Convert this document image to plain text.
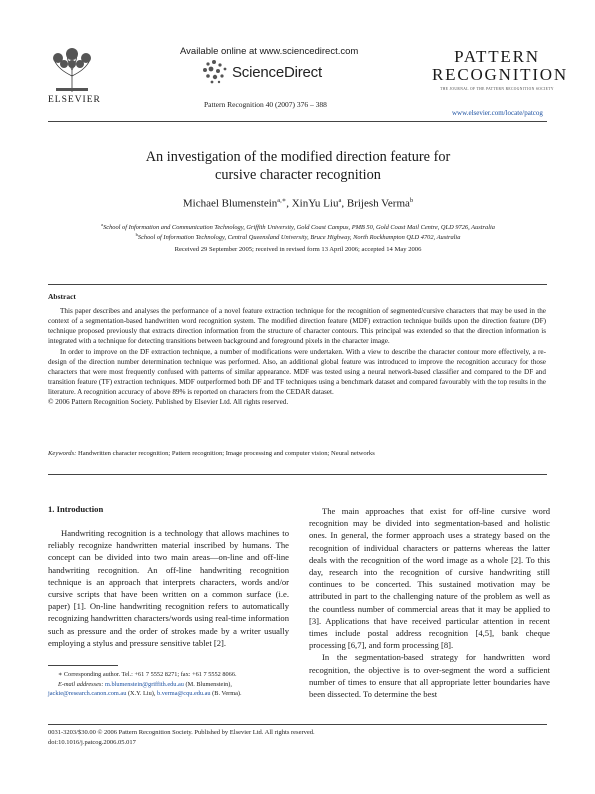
Available online at www.sciencedirect.com
ScienceDirect
Pattern Recognition 40 (2007) 376 – 388
ELSEVIER
PATTERN
RECOGNITION
THE JOURNAL OF THE PATTERN RECOGNITION SOCIETY
www.elsevier.com/locate/patcog
An investigation of the modified direction feature for
cursive character recognition
Michael Blumenstein$^{a,∗}$, XinYu Liu$^a$, Brijesh Verma$^b$
$^a$School of Information and Communication Technology, Griffith University, Gold Coast Campus, PMB 50, Gold Coast Mail Centre, QLD 9726, Australia
$^b$School of Information Technology, Central Queensland University, Bruce Highway, North Rockhampton QLD 4702, Australia
Received 29 September 2005; received in revised form 13 April 2006; accepted 14 May 2006
Abstract

This paper describes and analyses the performance of a novel feature extraction technique for the recognition of segmented/cursive characters that may be used in the context of a segmentation-based handwritten word recognition system. The modified direction feature (MDF) extraction technique builds upon the direction feature (DF) technique proposed previously that extracts direction information from the structure of character contours. This principal was extended so that the direction information is integrated with a technique for detecting transitions between background and foreground pixels in the character image.

In order to improve on the DF extraction technique, a number of modifications were undertaken. With a view to describe the character contour more effectively, a re-design of the direction number determination technique was performed. Also, an additional global feature was introduced to improve the recognition accuracy for those characters that were most frequently confused with patterns of similar appearance. MDF was tested using a neural network-based classifier and compared to the DF and transition feature (TF) extraction techniques. MDF outperformed both DF and TF techniques using a benchmark dataset and compared favourably with the top results in the literature. A recognition accuracy of above 89% is reported on characters from the CEDAR dataset.

© 2006 Pattern Recognition Society. Published by Elsevier Ltd. All rights reserved.

Keywords: Handwritten character recognition; Pattern recognition; Image processing and computer vision; Neural networks
1. Introduction

Handwriting recognition is a technology that allows machines to reliably recognize handwritten material inscribed by humans. The concept can be divided into two main areas—on-line and off-line handwriting recognition. An off-line handwriting recognition technique is an approach that interprets characters, words and/or cursive scripts that have been written on a common surface (i.e. paper) [1]. On-line handwriting recognition refers to automatically recognizing handwritten characters/words using real-time information such as pressure and the order of strokes made by a writer usually employing a stylus and pressure sensitive tablet [2].

The main approaches that exist for off-line cursive word recognition may be divided into segmentation-based and holistic ones. In general, the former approach uses a strategy based on the recognition of individual characters or patterns whereas the latter deals with the recognition of the word image as a whole [2]. To this day, research into the recognition of cursive handwriting still continues to be concerted. This sustained motivation may be attributed in part to the challenging nature of the problem as well as the countless number of commercial areas that it may be applied to [3]. Applications that have received particular attention in recent times include postal address recognition [4,5], bank cheque processing [6,7], and form processing [8].

In the segmentation-based strategy for handwritten word recognition, the objective is to over-segment the word a sufficient number of times to ensure that all appropriate letter boundaries have been dissected. To determine the best

∗ Corresponding author. Tel.: +61 7 5552 8271; fax: +61 7 5552 8066.

E-mail addresses: m.blumenstein@griffith.edu.au (M. Blumenstein), jackie@research.canon.com.au (X.Y. Liu), b.verma@cqu.edu.au (B. Verma).

0031-3203/$30.00 © 2006 Pattern Recognition Society. Published by Elsevier Ltd. All rights reserved.
doi:10.1016/j.patcog.2006.05.017
